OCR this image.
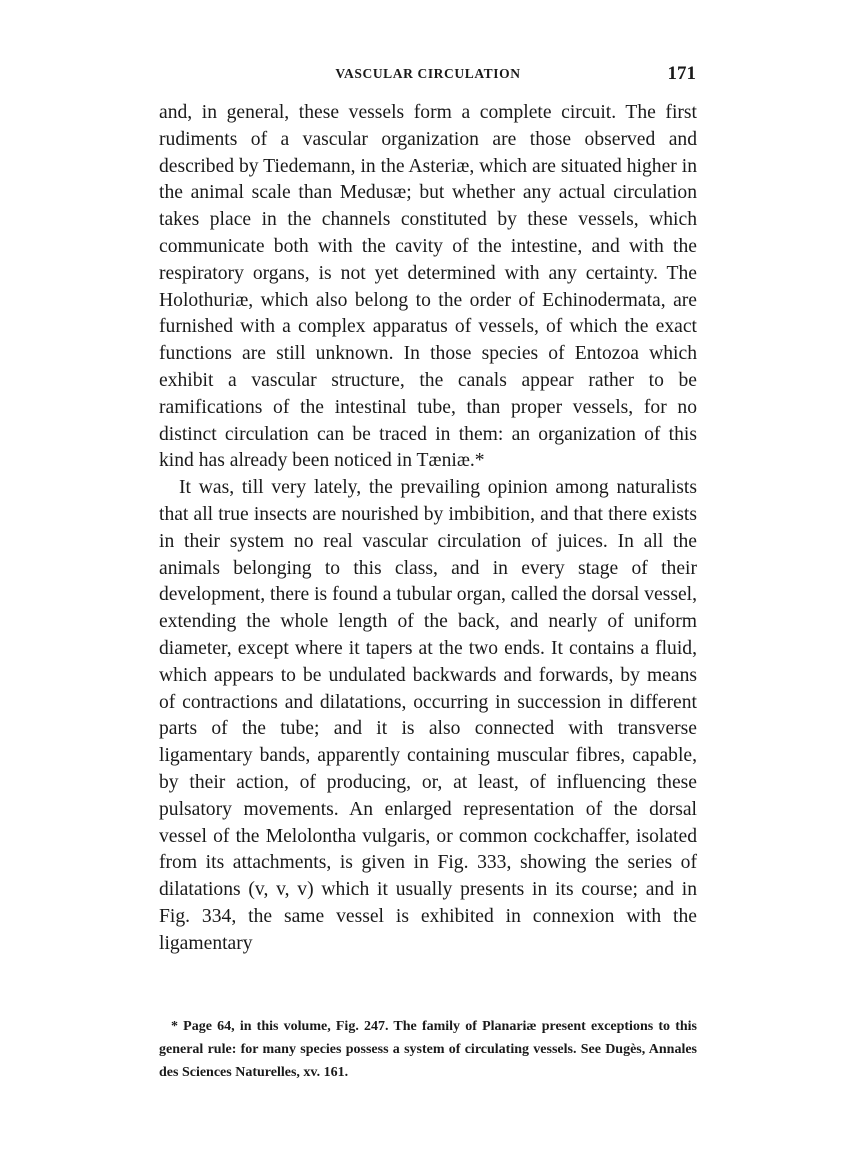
VASCULAR CIRCULATION	171

and, in general, these vessels form a complete circuit. The first rudiments of a vascular organization are those observed and described by Tiedemann, in the Asteriæ, which are situated higher in the animal scale than Medusæ; but whether any actual circulation takes place in the channels constituted by these vessels, which communicate both with the cavity of the intestine, and with the respiratory organs, is not yet determined with any certainty. The Holothuriæ, which also belong to the order of Echinodermata, are furnished with a complex apparatus of vessels, of which the exact functions are still unknown. In those species of Entozoa which exhibit a vascular structure, the canals appear rather to be ramifications of the intestinal tube, than proper vessels, for no distinct circulation can be traced in them: an organization of this kind has already been noticed in Tæniæ.*

It was, till very lately, the prevailing opinion among naturalists that all true insects are nourished by imbibition, and that there exists in their system no real vascular circulation of juices. In all the animals belonging to this class, and in every stage of their development, there is found a tubular organ, called the dorsal vessel, extending the whole length of the back, and nearly of uniform diameter, except where it tapers at the two ends. It contains a fluid, which appears to be undulated backwards and forwards, by means of contractions and dilatations, occurring in succession in different parts of the tube; and it is also connected with transverse ligamentary bands, apparently containing muscular fibres, capable, by their action, of producing, or, at least, of influencing these pulsatory movements. An enlarged representation of the dorsal vessel of the Melolontha vulgaris, or common cockchaffer, isolated from its attachments, is given in Fig. 333, showing the series of dilatations (v, v, v) which it usually presents in its course; and in Fig. 334, the same vessel is exhibited in connexion with the ligamentary

* Page 64, in this volume, Fig. 247. The family of Planariæ present exceptions to this general rule: for many species possess a system of circulating vessels. See Dugès, Annales des Sciences Naturelles, xv. 161.
